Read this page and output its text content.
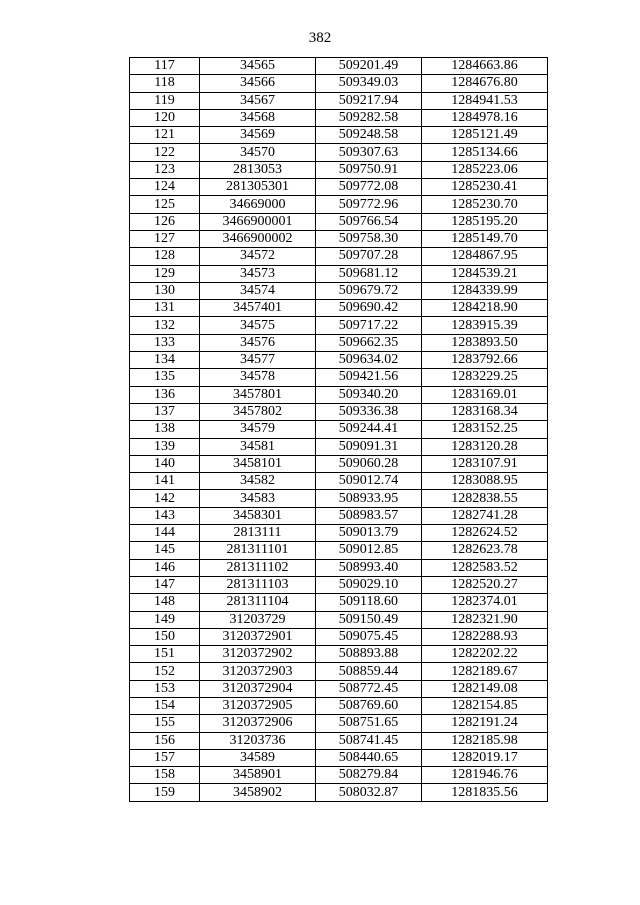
382
117	34565	509201.49	1284663.86
118	34566	509349.03	1284676.80
119	34567	509217.94	1284941.53
120	34568	509282.58	1284978.16
121	34569	509248.58	1285121.49
122	34570	509307.63	1285134.66
123	2813053	509750.91	1285223.06
124	281305301	509772.08	1285230.41
125	34669000	509772.96	1285230.70
126	3466900001	509766.54	1285195.20
127	3466900002	509758.30	1285149.70
128	34572	509707.28	1284867.95
129	34573	509681.12	1284539.21
130	34574	509679.72	1284339.99
131	3457401	509690.42	1284218.90
132	34575	509717.22	1283915.39
133	34576	509662.35	1283893.50
134	34577	509634.02	1283792.66
135	34578	509421.56	1283229.25
136	3457801	509340.20	1283169.01
137	3457802	509336.38	1283168.34
138	34579	509244.41	1283152.25
139	34581	509091.31	1283120.28
140	3458101	509060.28	1283107.91
141	34582	509012.74	1283088.95
142	34583	508933.95	1282838.55
143	3458301	508983.57	1282741.28
144	2813111	509013.79	1282624.52
145	281311101	509012.85	1282623.78
146	281311102	508993.40	1282583.52
147	281311103	509029.10	1282520.27
148	281311104	509118.60	1282374.01
149	31203729	509150.49	1282321.90
150	3120372901	509075.45	1282288.93
151	3120372902	508893.88	1282202.22
152	3120372903	508859.44	1282189.67
153	3120372904	508772.45	1282149.08
154	3120372905	508769.60	1282154.85
155	3120372906	508751.65	1282191.24
156	31203736	508741.45	1282185.98
157	34589	508440.65	1282019.17
158	3458901	508279.84	1281946.76
159	3458902	508032.87	1281835.56
